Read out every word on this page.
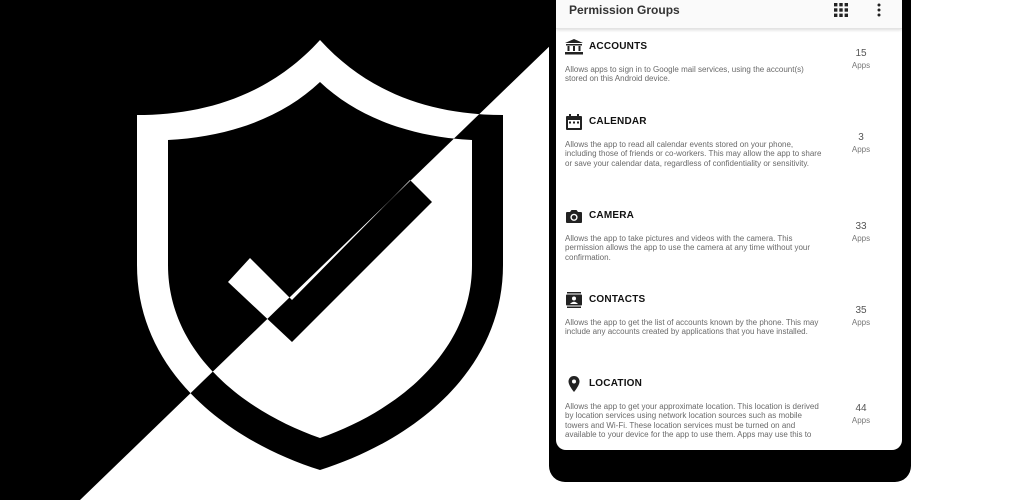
Permission Groups
ACCOUNTS
Allows apps to sign in to Google mail services, using the account(s) stored on this Android device.
15
Apps
CALENDAR
Allows the app to read all calendar events stored on your phone, including those of friends or co-workers. This may allow the app to share or save your calendar data, regardless of confidentiality or sensitivity.
3
Apps
CAMERA
Allows the app to take pictures and videos with the camera. This permission allows the app to use the camera at any time without your confirmation.
33
Apps
CONTACTS
Allows the app to get the list of accounts known by the phone. This may include any accounts created by applications that you have installed.
35
Apps
LOCATION
Allows the app to get your approximate location. This location is derived by location services using network location sources such as mobile towers and Wi-Fi. These location services must be turned on and available to your device for the app to use them. Apps may use this to
44
Apps
